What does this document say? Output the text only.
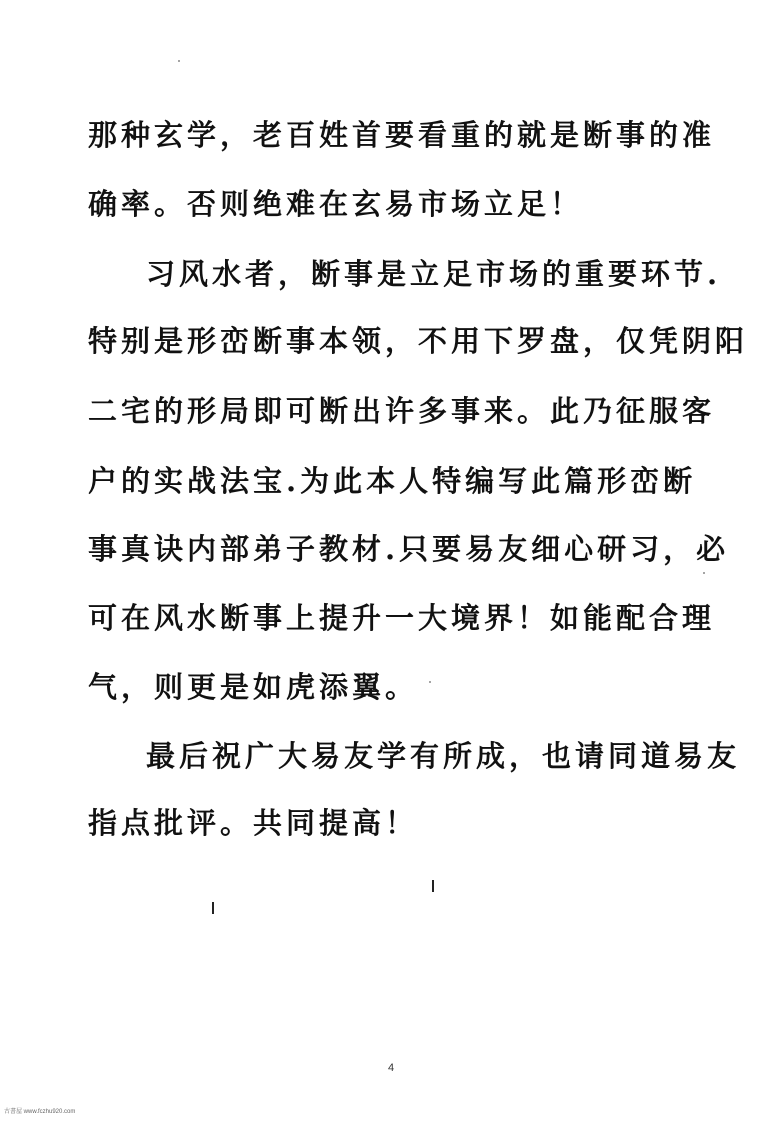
那种玄学，老百姓首要看重的就是断事的准
确率。否则绝难在玄易市场立足！
习风水者，断事是立足市场的重要环节.
特别是形峦断事本领，不用下罗盘，仅凭阴阳
二宅的形局即可断出许多事来。此乃征服客
户的实战法宝.为此本人特编写此篇形峦断
事真诀内部弟子教材.只要易友细心研习，必
可在风水断事上提升一大境界！如能配合理
气，则更是如虎添翼。
最后祝广大易友学有所成，也请同道易友
指点批评。共同提高！
4
古書屋 www.fczhu920.com
